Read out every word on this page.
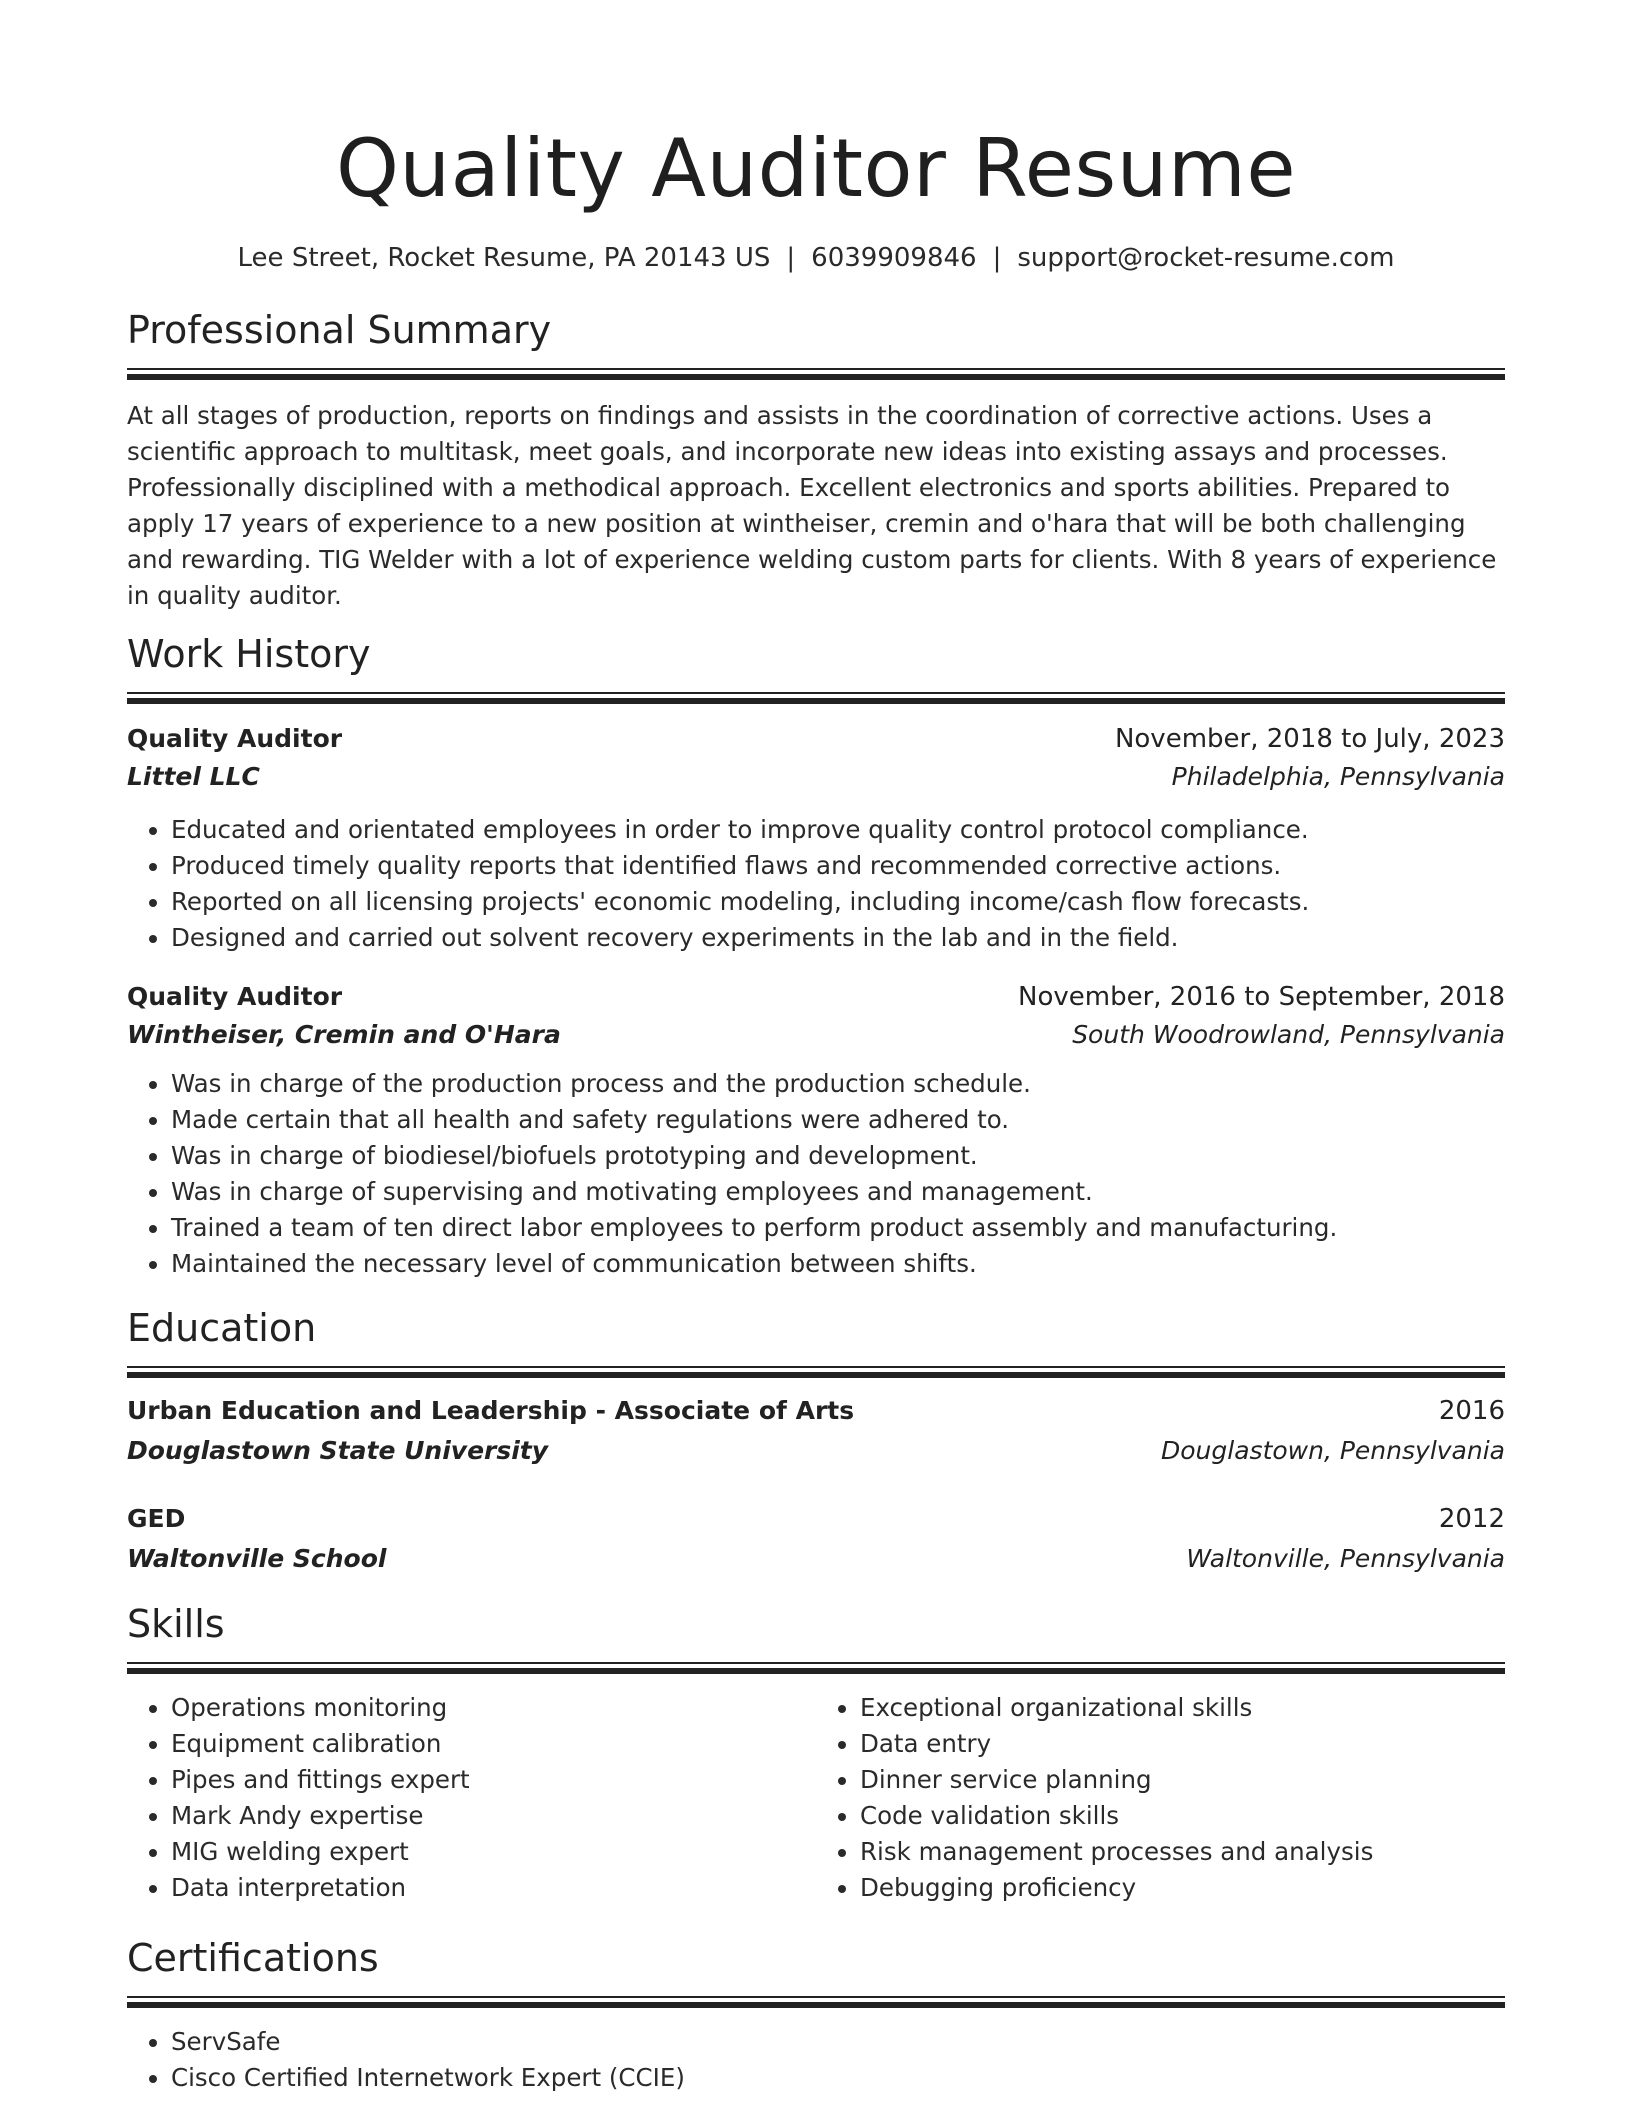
Quality Auditor Resume
Lee Street, Rocket Resume, PA 20143 US | 6039909846 | support@rocket-resume.com
Professional Summary
At all stages of production, reports on findings and assists in the coordination of corrective actions. Uses a scientific approach to multitask, meet goals, and incorporate new ideas into existing assays and processes. Professionally disciplined with a methodical approach. Excellent electronics and sports abilities. Prepared to apply 17 years of experience to a new position at wintheiser, cremin and o'hara that will be both challenging and rewarding. TIG Welder with a lot of experience welding custom parts for clients. With 8 years of experience in quality auditor.
Work History
Quality Auditor	November, 2018 to July, 2023
Littel LLC	Philadelphia, Pennsylvania
• Educated and orientated employees in order to improve quality control protocol compliance.
• Produced timely quality reports that identified flaws and recommended corrective actions.
• Reported on all licensing projects' economic modeling, including income/cash flow forecasts.
• Designed and carried out solvent recovery experiments in the lab and in the field.
Quality Auditor	November, 2016 to September, 2018
Wintheiser, Cremin and O'Hara	South Woodrowland, Pennsylvania
• Was in charge of the production process and the production schedule.
• Made certain that all health and safety regulations were adhered to.
• Was in charge of biodiesel/biofuels prototyping and development.
• Was in charge of supervising and motivating employees and management.
• Trained a team of ten direct labor employees to perform product assembly and manufacturing.
• Maintained the necessary level of communication between shifts.
Education
Urban Education and Leadership - Associate of Arts	2016
Douglastown State University	Douglastown, Pennsylvania
GED	2012
Waltonville School	Waltonville, Pennsylvania
Skills
• Operations monitoring
• Equipment calibration
• Pipes and fittings expert
• Mark Andy expertise
• MIG welding expert
• Data interpretation
• Exceptional organizational skills
• Data entry
• Dinner service planning
• Code validation skills
• Risk management processes and analysis
• Debugging proficiency
Certifications
• ServSafe
• Cisco Certified Internetwork Expert (CCIE)
